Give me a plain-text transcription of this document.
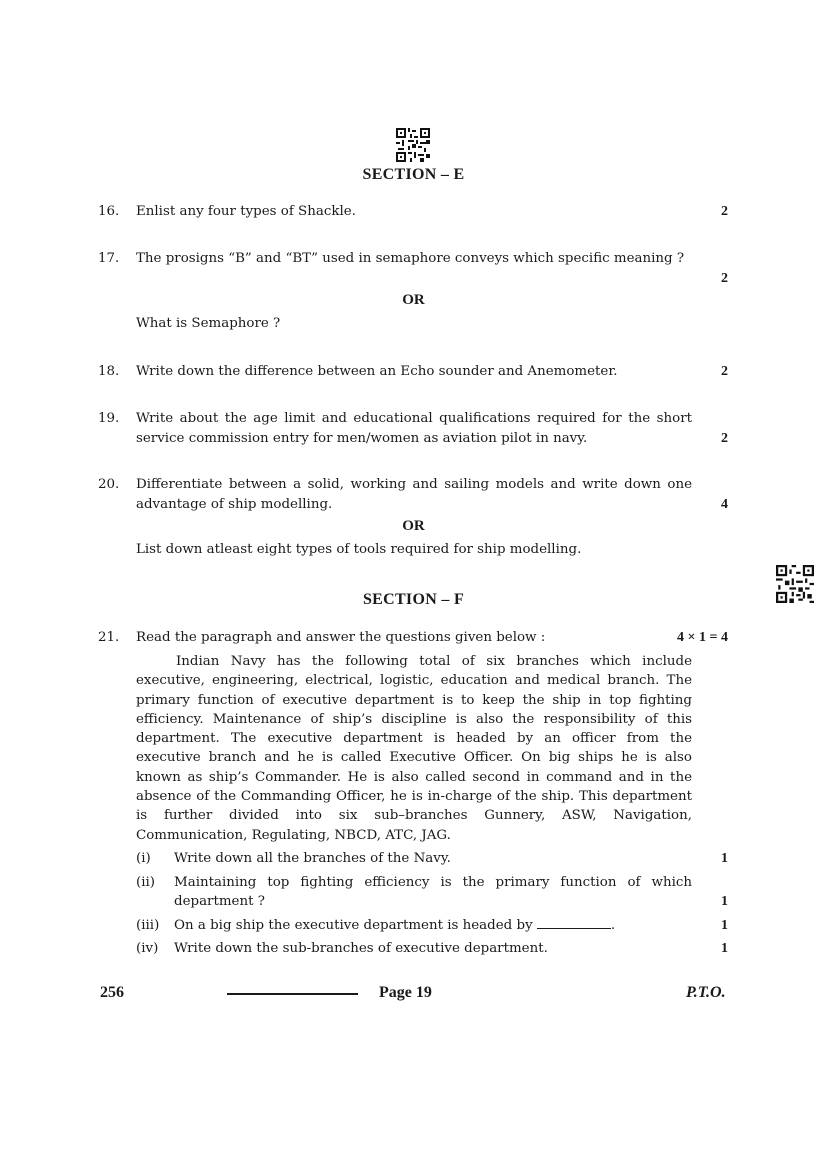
SECTION – E
16. Enlist any four types of Shackle.	2
17. The prosigns “B” and “BT” used in semaphore conveys which specific meaning ?
2
OR
What is Semaphore ?
18. Write down the difference between an Echo sounder and Anemometer.	2
19. Write about the age limit and educational qualifications required for the short service commission entry for men/women as aviation pilot in navy.	2
20. Differentiate between a solid, working and sailing models and write down one advantage of ship modelling.	4
OR
List down atleast eight types of tools required for ship modelling.
SECTION – F
21. Read the paragraph and answer the questions given below :	4 × 1 = 4
Indian Navy has the following total of six branches which include executive, engineering, electrical, logistic, education and medical branch. The primary function of executive department is to keep the ship in top fighting efficiency. Maintenance of ship’s discipline is also the responsibility of this department. The executive department is headed by an officer from the executive branch and he is called Executive Officer. On big ships he is also known as ship’s Commander. He is also called second in command and in the absence of the Commanding Officer, he is in-charge of the ship. This department is further divided into six sub–branches Gunnery, ASW, Navigation, Communication, Regulating, NBCD, ATC, JAG.
(i) Write down all the branches of the Navy.	1
(ii) Maintaining top fighting efficiency is the primary function of which department ?	1
(iii) On a big ship the executive department is headed by	.	1
(iv) Write down the sub-branches of executive department.	1
256	Page 19	P.T.O.
